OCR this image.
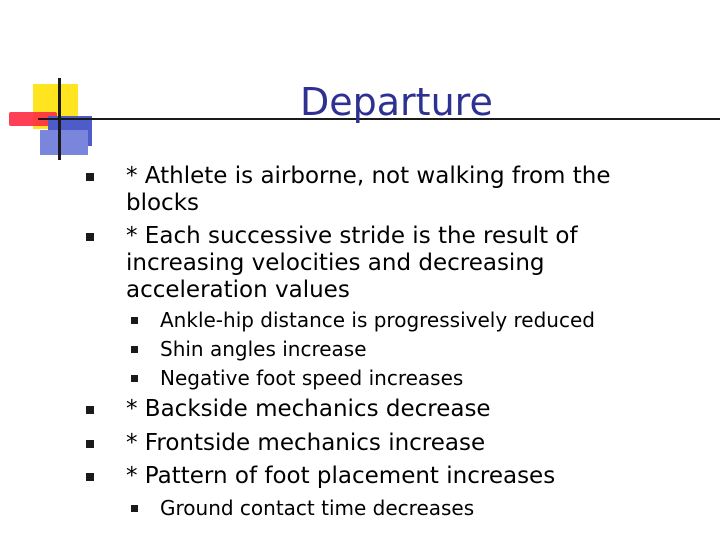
Departure
* Athlete is airborne, not walking from the blocks
* Each successive stride is the result of increasing velocities and decreasing acceleration values
Ankle-hip distance is progressively reduced
Shin angles increase
Negative foot speed increases
* Backside mechanics decrease
* Frontside mechanics increase
* Pattern of foot placement increases
Ground contact time decreases
